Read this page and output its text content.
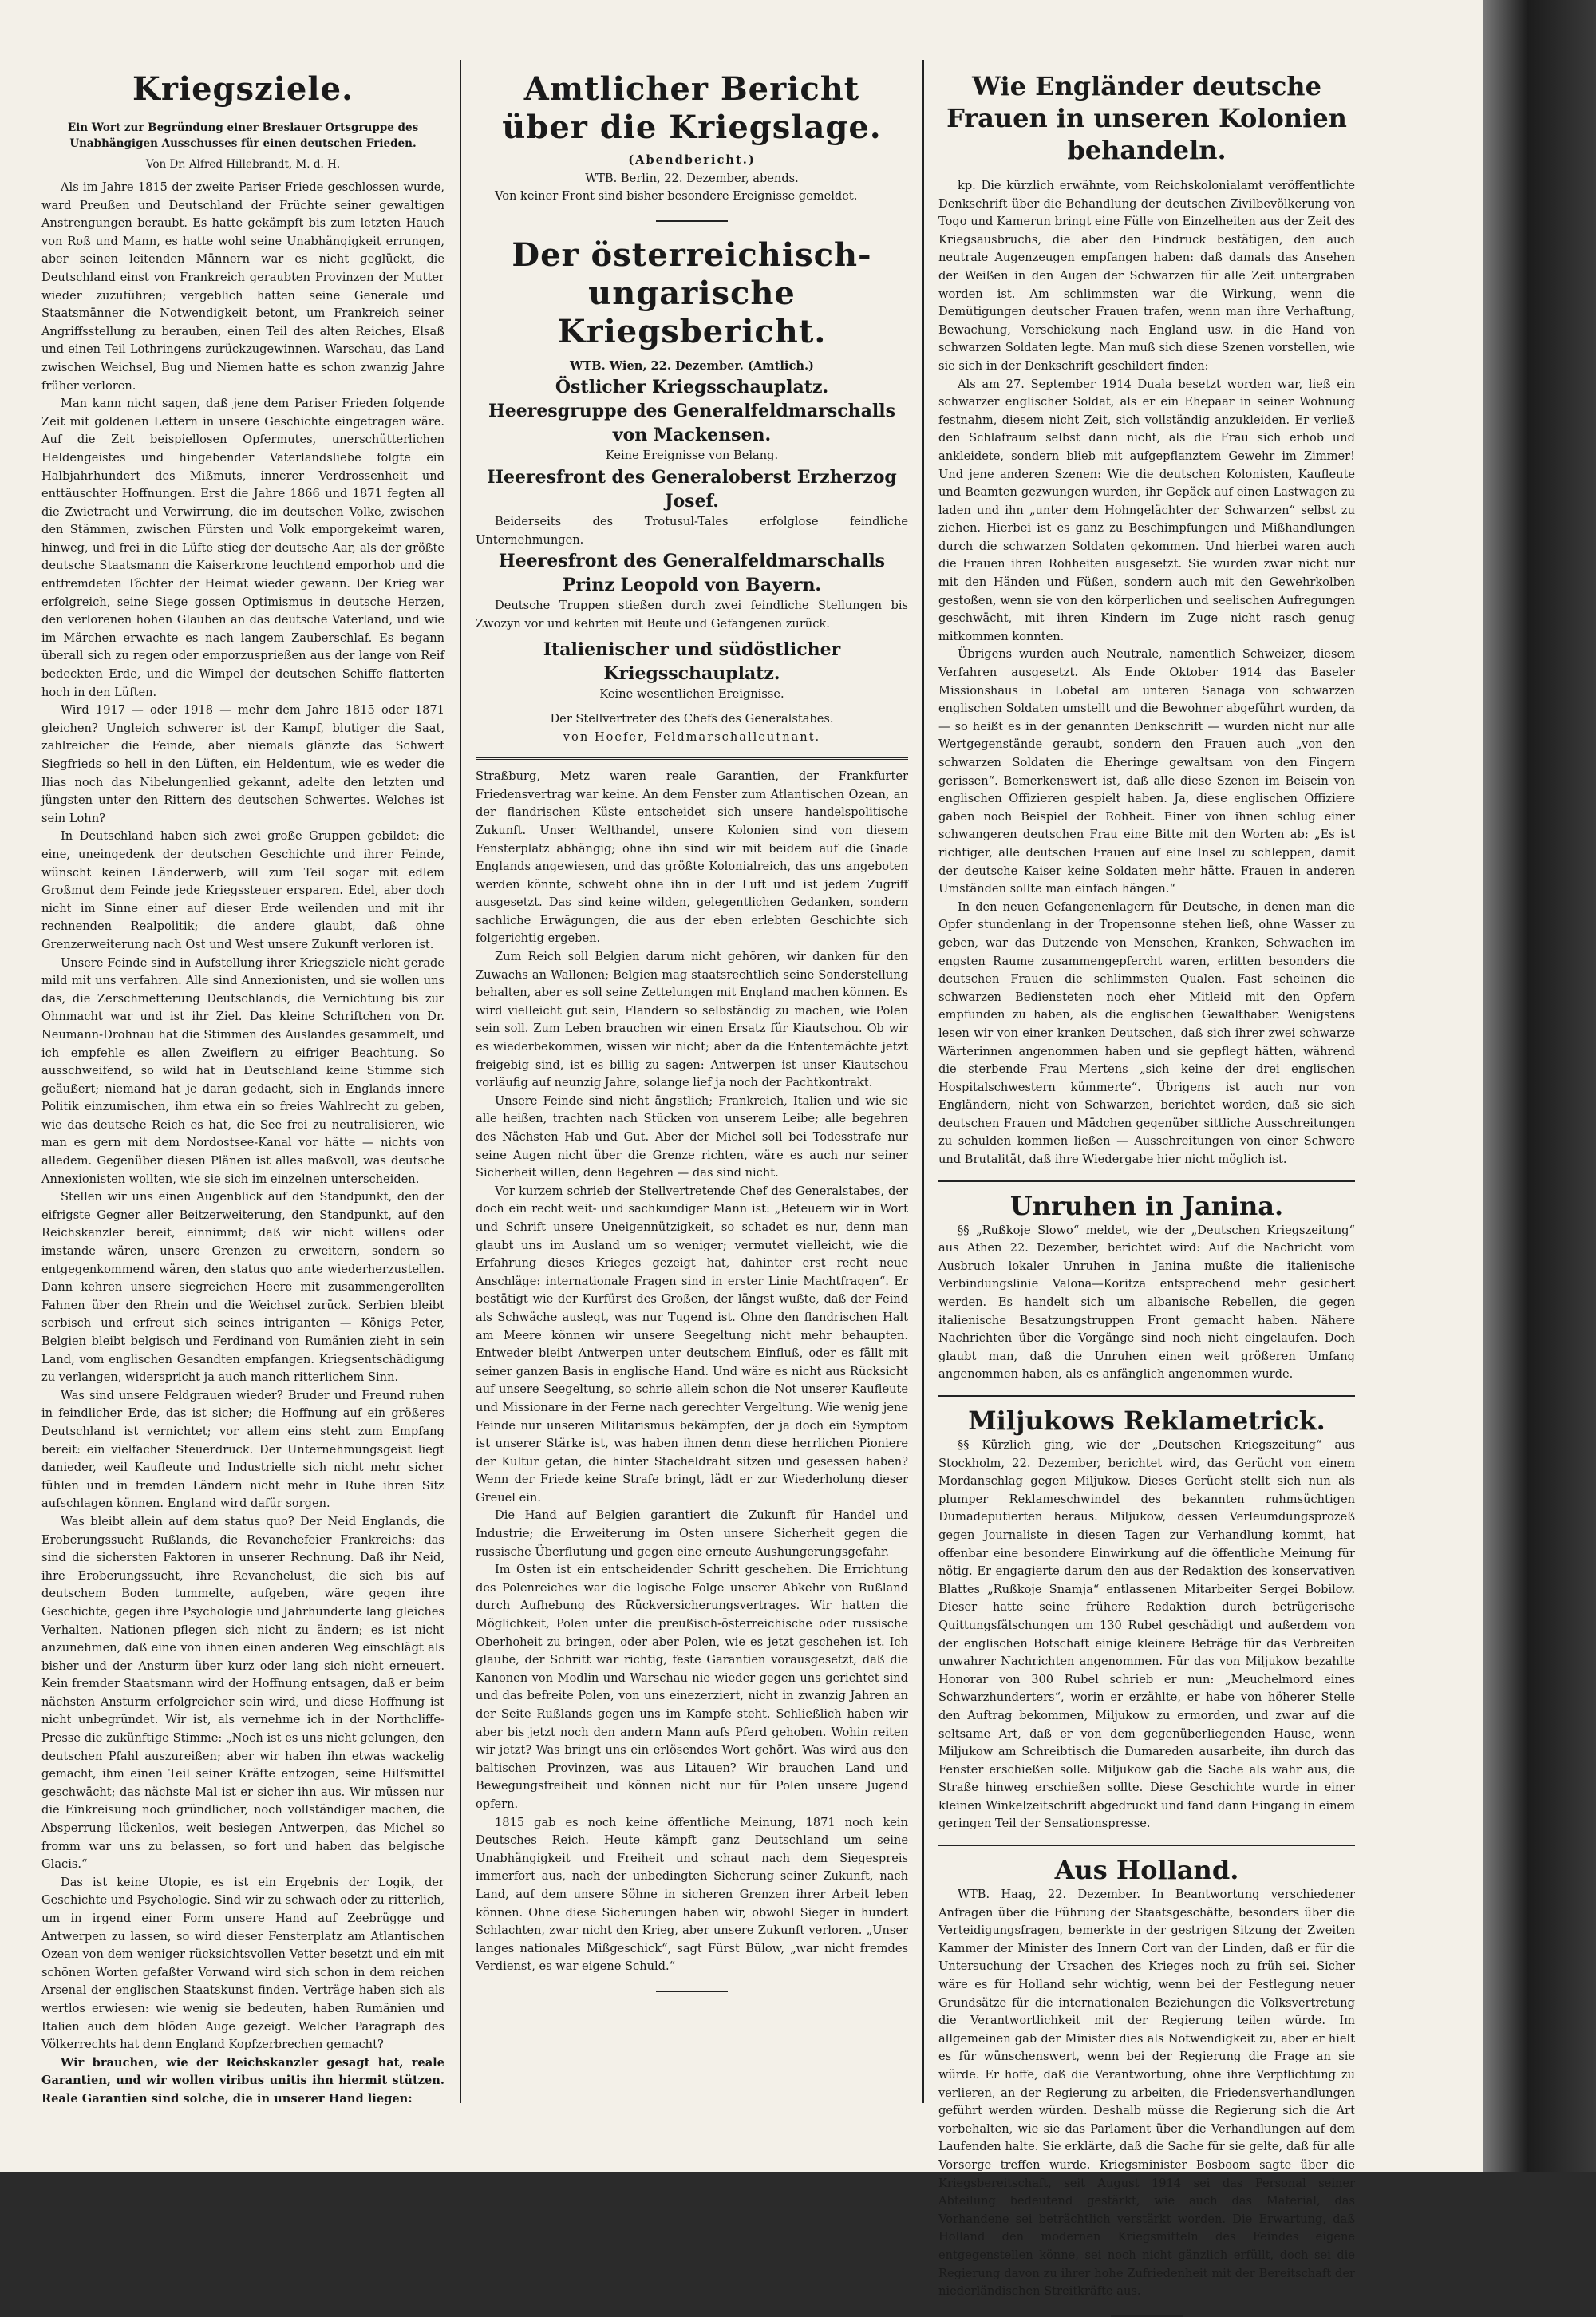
Kriegsziele.

Ein Wort zur Begründung einer Breslauer Ortsgruppe des Unabhängigen Ausschusses für einen deutschen Frieden.

Von Dr. Alfred Hillebrandt, M. d. H.

Als im Jahre 1815 der zweite Pariser Friede geschlossen wurde, ward Preußen und Deutschland der Früchte seiner gewaltigen Anstrengungen beraubt. Es hatte gekämpft bis zum letzten Hauch von Roß und Mann, es hatte wohl seine Unabhängigkeit errungen, aber seinen leitenden Männern war es nicht geglückt, die Deutschland einst von Frankreich geraubten Provinzen der Mutter wieder zuzuführen; vergeblich hatten seine Generale und Staatsmänner die Notwendigkeit betont, um Frankreich seiner Angriffsstellung zu berauben, einen Teil des alten Reiches, Elsaß und einen Teil Lothringens zurückzugewinnen. Warschau, das Land zwischen Weichsel, Bug und Niemen hatte es schon zwanzig Jahre früher verloren.

Man kann nicht sagen, daß jene dem Pariser Frieden folgende Zeit mit goldenen Lettern in unsere Geschichte eingetragen wäre. Auf die Zeit beispiellosen Opfermutes, unerschütterlichen Heldengeistes und hingebender Vaterlandsliebe folgte ein Halbjahrhundert des Mißmuts, innerer Verdrossenheit und enttäuschter Hoffnungen. Erst die Jahre 1866 und 1871 fegten all die Zwietracht und Verwirrung, die im deutschen Volke, zwischen den Stämmen, zwischen Fürsten und Volk emporgekeimt waren, hinweg, und frei in die Lüfte stieg der deutsche Aar, als der größte deutsche Staatsmann die Kaiserkrone leuchtend emporhob und die entfremdeten Töchter der Heimat wieder gewann. Der Krieg war erfolgreich, seine Siege gossen Optimismus in deutsche Herzen, den verlorenen hohen Glauben an das deutsche Vaterland, und wie im Märchen erwachte es nach langem Zauberschlaf. Es begann überall sich zu regen oder emporzusprießen aus der lange von Reif bedeckten Erde, und die Wimpel der deutschen Schiffe flatterten hoch in den Lüften.

Wird 1917 — oder 1918 — mehr dem Jahre 1815 oder 1871 gleichen? Ungleich schwerer ist der Kampf, blutiger die Saat, zahlreicher die Feinde, aber niemals glänzte das Schwert Siegfrieds so hell in den Lüften, ein Heldentum, wie es weder die Ilias noch das Nibelungenlied gekannt, adelte den letzten und jüngsten unter den Rittern des deutschen Schwertes. Welches ist sein Lohn?

In Deutschland haben sich zwei große Gruppen gebildet: die eine, uneingedenk der deutschen Geschichte und ihrer Feinde, wünscht keinen Länderwerb, will zum Teil sogar mit edlem Großmut dem Feinde jede Kriegssteuer ersparen. Edel, aber doch nicht im Sinne einer auf dieser Erde weilenden und mit ihr rechnenden Realpolitik; die andere glaubt, daß ohne Grenzerweiterung nach Ost und West unsere Zukunft verloren ist.

Unsere Feinde sind in Aufstellung ihrer Kriegsziele nicht gerade mild mit uns verfahren. Alle sind Annexionisten, und sie wollen uns das, die Zerschmetterung Deutschlands, die Vernichtung bis zur Ohnmacht war und ist ihr Ziel. Das kleine Schriftchen von Dr. Neumann-Drohnau hat die Stimmen des Auslandes gesammelt, und ich empfehle es allen Zweiflern zu eifriger Beachtung. So ausschweifend, so wild hat in Deutschland keine Stimme sich geäußert; niemand hat je daran gedacht, sich in Englands innere Politik einzumischen, ihm etwa ein so freies Wahlrecht zu geben, wie das deutsche Reich es hat, die See frei zu neutralisieren, wie man es gern mit dem Nordostsee-Kanal vor hätte — nichts von alledem. Gegenüber diesen Plänen ist alles maßvoll, was deutsche Annexionisten wollten, wie sie sich im einzelnen unterscheiden.

Stellen wir uns einen Augenblick auf den Standpunkt, den der eifrigste Gegner aller Beitzerweiterung, den Standpunkt, auf den Reichskanzler bereit, einnimmt; daß wir nicht willens oder imstande wären, unsere Grenzen zu erweitern, sondern so entgegenkommend wären, den status quo ante wiederherzustellen. Dann kehren unsere siegreichen Heere mit zusammengerollten Fahnen über den Rhein und die Weichsel zurück. Serbien bleibt serbisch und erfreut sich seines intriganten — Königs Peter, Belgien bleibt belgisch und Ferdinand von Rumänien zieht in sein Land, vom englischen Gesandten empfangen. Kriegsentschädigung zu verlangen, widerspricht ja auch manch ritterlichem Sinn.

Was sind unsere Feldgrauen wieder? Bruder und Freund ruhen in feindlicher Erde, das ist sicher; die Hoffnung auf ein größeres Deutschland ist vernichtet; vor allem eins steht zum Empfang bereit: ein vielfacher Steuerdruck. Der Unternehmungsgeist liegt danieder, weil Kaufleute und Industrielle sich nicht mehr sicher fühlen und in fremden Ländern nicht mehr in Ruhe ihren Sitz aufschlagen können. England wird dafür sorgen.

Was bleibt allein auf dem status quo? Der Neid Englands, die Eroberungssucht Rußlands, die Revanchefeier Frankreichs: das sind die sichersten Faktoren in unserer Rechnung. Daß ihr Neid, ihre Eroberungssucht, ihre Revanchelust, die sich bis auf deutschem Boden tummelte, aufgeben, wäre gegen ihre Geschichte, gegen ihre Psychologie und Jahrhunderte lang gleiches Verhalten. Nationen pflegen sich nicht zu ändern; es ist nicht anzunehmen, daß eine von ihnen einen anderen Weg einschlägt als bisher und der Ansturm über kurz oder lang sich nicht erneuert. Kein fremder Staatsmann wird der Hoffnung entsagen, daß er beim nächsten Ansturm erfolgreicher sein wird, und diese Hoffnung ist nicht unbegründet. Wir ist, als vernehme ich in der Northcliffe-Presse die zukünftige Stimme: „Noch ist es uns nicht gelungen, den deutschen Pfahl auszureißen; aber wir haben ihn etwas wackelig gemacht, ihm einen Teil seiner Kräfte entzogen, seine Hilfsmittel geschwächt; das nächste Mal ist er sicher ihn aus. Wir müssen nur die Einkreisung noch gründlicher, noch vollständiger machen, die Absperrung lückenlos, weit besiegen Antwerpen, das Michel so fromm war uns zu belassen, so fort und haben das belgische Glacis.“

Das ist keine Utopie, es ist ein Ergebnis der Logik, der Geschichte und Psychologie. Sind wir zu schwach oder zu ritterlich, um in irgend einer Form unsere Hand auf Zeebrügge und Antwerpen zu lassen, so wird dieser Fensterplatz am Atlantischen Ozean von dem weniger rücksichtsvollen Vetter besetzt und ein mit schönen Worten gefaßter Vorwand wird sich schon in dem reichen Arsenal der englischen Staatskunst finden. Verträge haben sich als wertlos erwiesen: wie wenig sie bedeuten, haben Rumänien und Italien auch dem blöden Auge gezeigt. Welcher Paragraph des Völkerrechts hat denn England Kopfzerbrechen gemacht?

Wir brauchen, wie der Reichskanzler gesagt hat, reale Garantien, und wir wollen viribus unitis ihn hiermit stützen. Reale Garantien sind solche, die in unserer Hand liegen:

Amtlicher Bericht über die Kriegslage.

(Abendbericht.)

WTB. Berlin, 22. Dezember, abends.

Von keiner Front sind bisher besondere Ereignisse gemeldet.

Der österreichisch-ungarische Kriegsbericht.

WTB. Wien, 22. Dezember. (Amtlich.)

Östlicher Kriegsschauplatz.
Heeresgruppe des Generalfeldmarschalls von Mackensen.

Keine Ereignisse von Belang.

Heeresfront des Generaloberst Erzherzog Josef.

Beiderseits des Trotusul-Tales erfolglose feindliche Unternehmungen.

Heeresfront des Generalfeldmarschalls Prinz Leopold von Bayern.

Deutsche Truppen stießen durch zwei feindliche Stellungen bis Zwozyn vor und kehrten mit Beute und Gefangenen zurück.

Italienischer und südöstlicher Kriegsschauplatz.

Keine wesentlichen Ereignisse.

Der Stellvertreter des Chefs des Generalstabes.

von Hoefer, Feldmarschalleutnant.

Straßburg, Metz waren reale Garantien, der Frankfurter Friedensvertrag war keine. An dem Fenster zum Atlantischen Ozean, an der flandrischen Küste entscheidet sich unsere handelspolitische Zukunft. Unser Welthandel, unsere Kolonien sind von diesem Fensterplatz abhängig; ohne ihn sind wir mit beidem auf die Gnade Englands angewiesen, und das größte Kolonialreich, das uns angeboten werden könnte, schwebt ohne ihn in der Luft und ist jedem Zugriff ausgesetzt. Das sind keine wilden, gelegentlichen Gedanken, sondern sachliche Erwägungen, die aus der eben erlebten Geschichte sich folgerichtig ergeben.

Zum Reich soll Belgien darum nicht gehören, wir danken für den Zuwachs an Wallonen; Belgien mag staatsrechtlich seine Sonderstellung behalten, aber es soll seine Zettelungen mit England machen können. Es wird vielleicht gut sein, Flandern so selbständig zu machen, wie Polen sein soll. Zum Leben brauchen wir einen Ersatz für Kiautschou. Ob wir es wiederbekommen, wissen wir nicht; aber da die Ententemächte jetzt freigebig sind, ist es billig zu sagen: Antwerpen ist unser Kiautschou vorläufig auf neunzig Jahre, solange lief ja noch der Pachtkontrakt.

Unsere Feinde sind nicht ängstlich; Frankreich, Italien und wie sie alle heißen, trachten nach Stücken von unserem Leibe; alle begehren des Nächsten Hab und Gut. Aber der Michel soll bei Todesstrafe nur seine Augen nicht über die Grenze richten, wäre es auch nur seiner Sicherheit willen, denn Begehren — das sind nicht.

Vor kurzem schrieb der Stellvertretende Chef des Generalstabes, der doch ein recht weit- und sachkundiger Mann ist: „Beteuern wir in Wort und Schrift unsere Uneigennützigkeit, so schadet es nur, denn man glaubt uns im Ausland um so weniger; vermutet vielleicht, wie die Erfahrung dieses Krieges gezeigt hat, dahinter erst recht neue Anschläge: internationale Fragen sind in erster Linie Machtfragen“. Er bestätigt wie der Kurfürst des Großen, der längst wußte, daß der Feind als Schwäche auslegt, was nur Tugend ist. Ohne den flandrischen Halt am Meere können wir unsere Seegeltung nicht mehr behaupten. Entweder bleibt Antwerpen unter deutschem Einfluß, oder es fällt mit seiner ganzen Basis in englische Hand. Und wäre es nicht aus Rücksicht auf unsere Seegeltung, so schrie allein schon die Not unserer Kaufleute und Missionare in der Ferne nach gerechter Vergeltung. Wie wenig jene Feinde nur unseren Militarismus bekämpfen, der ja doch ein Symptom ist unserer Stärke ist, was haben ihnen denn diese herrlichen Pioniere der Kultur getan, die hinter Stacheldraht sitzen und gesessen haben? Wenn der Friede keine Strafe bringt, lädt er zur Wiederholung dieser Greuel ein.

Die Hand auf Belgien garantiert die Zukunft für Handel und Industrie; die Erweiterung im Osten unsere Sicherheit gegen die russische Überflutung und gegen eine erneute Aushungerungsgefahr.

Im Osten ist ein entscheidender Schritt geschehen. Die Errichtung des Polenreiches war die logische Folge unserer Abkehr von Rußland durch Aufhebung des Rückversicherungsvertrages. Wir hatten die Möglichkeit, Polen unter die preußisch-österreichische oder russische Oberhoheit zu bringen, oder aber Polen, wie es jetzt geschehen ist. Ich glaube, der Schritt war richtig, feste Garantien vorausgesetzt, daß die Kanonen von Modlin und Warschau nie wieder gegen uns gerichtet sind und das befreite Polen, von uns einezerziert, nicht in zwanzig Jahren an der Seite Rußlands gegen uns im Kampfe steht. Schließlich haben wir aber bis jetzt noch den andern Mann aufs Pferd gehoben. Wohin reiten wir jetzt? Was bringt uns ein erlösendes Wort gehört. Was wird aus den baltischen Provinzen, was aus Litauen? Wir brauchen Land und Bewegungsfreiheit und können nicht nur für Polen unsere Jugend opfern.

1815 gab es noch keine öffentliche Meinung, 1871 noch kein Deutsches Reich. Heute kämpft ganz Deutschland um seine Unabhängigkeit und Freiheit und schaut nach dem Siegespreis immerfort aus, nach der unbedingten Sicherung seiner Zukunft, nach Land, auf dem unsere Söhne in sicheren Grenzen ihrer Arbeit leben können. Ohne diese Sicherungen haben wir, obwohl Sieger in hundert Schlachten, zwar nicht den Krieg, aber unsere Zukunft verloren. „Unser langes nationales Mißgeschick“, sagt Fürst Bülow, „war nicht fremdes Verdienst, es war eigene Schuld.“

Wie Engländer deutsche Frauen in unseren Kolonien behandeln.

kp. Die kürzlich erwähnte, vom Reichskolonialamt veröffentlichte Denkschrift über die Behandlung der deutschen Zivilbevölkerung von Togo und Kamerun bringt eine Fülle von Einzelheiten aus der Zeit des Kriegsausbruchs, die aber den Eindruck bestätigen, den auch neutrale Augenzeugen empfangen haben: daß damals das Ansehen der Weißen in den Augen der Schwarzen für alle Zeit untergraben worden ist. Am schlimmsten war die Wirkung, wenn die Demütigungen deutscher Frauen trafen, wenn man ihre Verhaftung, Bewachung, Verschickung nach England usw. in die Hand von schwarzen Soldaten legte. Man muß sich diese Szenen vorstellen, wie sie sich in der Denkschrift geschildert finden:

Als am 27. September 1914 Duala besetzt worden war, ließ ein schwarzer englischer Soldat, als er ein Ehepaar in seiner Wohnung festnahm, diesem nicht Zeit, sich vollständig anzukleiden. Er verließ den Schlafraum selbst dann nicht, als die Frau sich erhob und ankleidete, sondern blieb mit aufgepflanztem Gewehr im Zimmer! Und jene anderen Szenen: Wie die deutschen Kolonisten, Kaufleute und Beamten gezwungen wurden, ihr Gepäck auf einen Lastwagen zu laden und ihn „unter dem Hohngelächter der Schwarzen“ selbst zu ziehen. Hierbei ist es ganz zu Beschimpfungen und Mißhandlungen durch die schwarzen Soldaten gekommen. Und hierbei waren auch die Frauen ihren Rohheiten ausgesetzt. Sie wurden zwar nicht nur mit den Händen und Füßen, sondern auch mit den Gewehrkolben gestoßen, wenn sie von den körperlichen und seelischen Aufregungen geschwächt, mit ihren Kindern im Zuge nicht rasch genug mitkommen konnten.

Übrigens wurden auch Neutrale, namentlich Schweizer, diesem Verfahren ausgesetzt. Als Ende Oktober 1914 das Baseler Missionshaus in Lobetal am unteren Sanaga von schwarzen englischen Soldaten umstellt und die Bewohner abgeführt wurden, da — so heißt es in der genannten Denkschrift — wurden nicht nur alle Wertgegenstände geraubt, sondern den Frauen auch „von den schwarzen Soldaten die Eheringe gewaltsam von den Fingern gerissen“. Bemerkenswert ist, daß alle diese Szenen im Beisein von englischen Offizieren gespielt haben. Ja, diese englischen Offiziere gaben noch Beispiel der Rohheit. Einer von ihnen schlug einer schwangeren deutschen Frau eine Bitte mit den Worten ab: „Es ist richtiger, alle deutschen Frauen auf eine Insel zu schleppen, damit der deutsche Kaiser keine Soldaten mehr hätte. Frauen in anderen Umständen sollte man einfach hängen.“

In den neuen Gefangenenlagern für Deutsche, in denen man die Opfer stundenlang in der Tropensonne stehen ließ, ohne Wasser zu geben, war das Dutzende von Menschen, Kranken, Schwachen im engsten Raume zusammengepfercht waren, erlitten besonders die deutschen Frauen die schlimmsten Qualen. Fast scheinen die schwarzen Bediensteten noch eher Mitleid mit den Opfern empfunden zu haben, als die englischen Gewalthaber. Wenigstens lesen wir von einer kranken Deutschen, daß sich ihrer zwei schwarze Wärterinnen angenommen haben und sie gepflegt hätten, während die sterbende Frau Mertens „sich keine der drei englischen Hospitalschwestern kümmerte“. Übrigens ist auch nur von Engländern, nicht von Schwarzen, berichtet worden, daß sie sich deutschen Frauen und Mädchen gegenüber sittliche Ausschreitungen zu schulden kommen ließen — Ausschreitungen von einer Schwere und Brutalität, daß ihre Wiedergabe hier nicht möglich ist.

Unruhen in Janina.

§§ „Rußkoje Slowo“ meldet, wie der „Deutschen Kriegszeitung“ aus Athen 22. Dezember, berichtet wird: Auf die Nachricht vom Ausbruch lokaler Unruhen in Janina mußte die italienische Verbindungslinie Valona—Koritza entsprechend mehr gesichert werden. Es handelt sich um albanische Rebellen, die gegen italienische Besatzungstruppen Front gemacht haben. Nähere Nachrichten über die Vorgänge sind noch nicht eingelaufen. Doch glaubt man, daß die Unruhen einen weit größeren Umfang angenommen haben, als es anfänglich angenommen wurde.

Miljukows Reklametrick.

§§ Kürzlich ging, wie der „Deutschen Kriegszeitung“ aus Stockholm, 22. Dezember, berichtet wird, das Gerücht von einem Mordanschlag gegen Miljukow. Dieses Gerücht stellt sich nun als plumper Reklameschwindel des bekannten ruhmsüchtigen Dumadeputierten heraus. Miljukow, dessen Verleumdungsprozeß gegen Journaliste in diesen Tagen zur Verhandlung kommt, hat offenbar eine besondere Einwirkung auf die öffentliche Meinung für nötig. Er engagierte darum den aus der Redaktion des konservativen Blattes „Rußkoje Snamja“ entlassenen Mitarbeiter Sergei Bobilow. Dieser hatte seine frühere Redaktion durch betrügerische Quittungsfälschungen um 130 Rubel geschädigt und außerdem von der englischen Botschaft einige kleinere Beträge für das Verbreiten unwahrer Nachrichten angenommen. Für das von Miljukow bezahlte Honorar von 300 Rubel schrieb er nun: „Meuchelmord eines Schwarzhunderters“, worin er erzählte, er habe von höherer Stelle den Auftrag bekommen, Miljukow zu ermorden, und zwar auf die seltsame Art, daß er von dem gegenüberliegenden Hause, wenn Miljukow am Schreibtisch die Dumareden ausarbeite, ihn durch das Fenster erschießen solle. Miljukow gab die Sache als wahr aus, die Straße hinweg erschießen sollte. Diese Geschichte wurde in einer kleinen Winkelzeitschrift abgedruckt und fand dann Eingang in einem geringen Teil der Sensationspresse.

Aus Holland.

WTB. Haag, 22. Dezember. In Beantwortung verschiedener Anfragen über die Führung der Staatsgeschäfte, besonders über die Verteidigungsfragen, bemerkte in der gestrigen Sitzung der Zweiten Kammer der Minister des Innern Cort van der Linden, daß er für die Untersuchung der Ursachen des Krieges noch zu früh sei. Sicher wäre es für Holland sehr wichtig, wenn bei der Festlegung neuer Grundsätze für die internationalen Beziehungen die Volksvertretung die Verantwortlichkeit mit der Regierung teilen würde. Im allgemeinen gab der Minister dies als Notwendigkeit zu, aber er hielt es für wünschenswert, wenn bei der Regierung die Frage an sie würde. Er hoffe, daß die Verantwortung, ohne ihre Verpflichtung zu verlieren, an der Regierung zu arbeiten, die Friedensverhandlungen geführt werden würden. Deshalb müsse die Regierung sich die Art vorbehalten, wie sie das Parlament über die Verhandlungen auf dem Laufenden halte. Sie erklärte, daß die Sache für sie gelte, daß für alle Vorsorge treffen wurde. Kriegsminister Bosboom sagte über die Kriegsbereitschaft, seit August 1914 sei das Personal seiner Abteilung bedeutend gestärkt, wie auch das Material, das Vorhandene sei beträchtlich verstärkt worden. Die Erwartung, daß Holland den modernen Kriegsmitteln des Feindes eigene entgegenstellen könne, sei noch nicht gänzlich erfüllt, doch sei die Regierung davon zu ihrer hohe Zufriedenheit mit der Bereitschaft der niederländischen Streitkräfte aus.
